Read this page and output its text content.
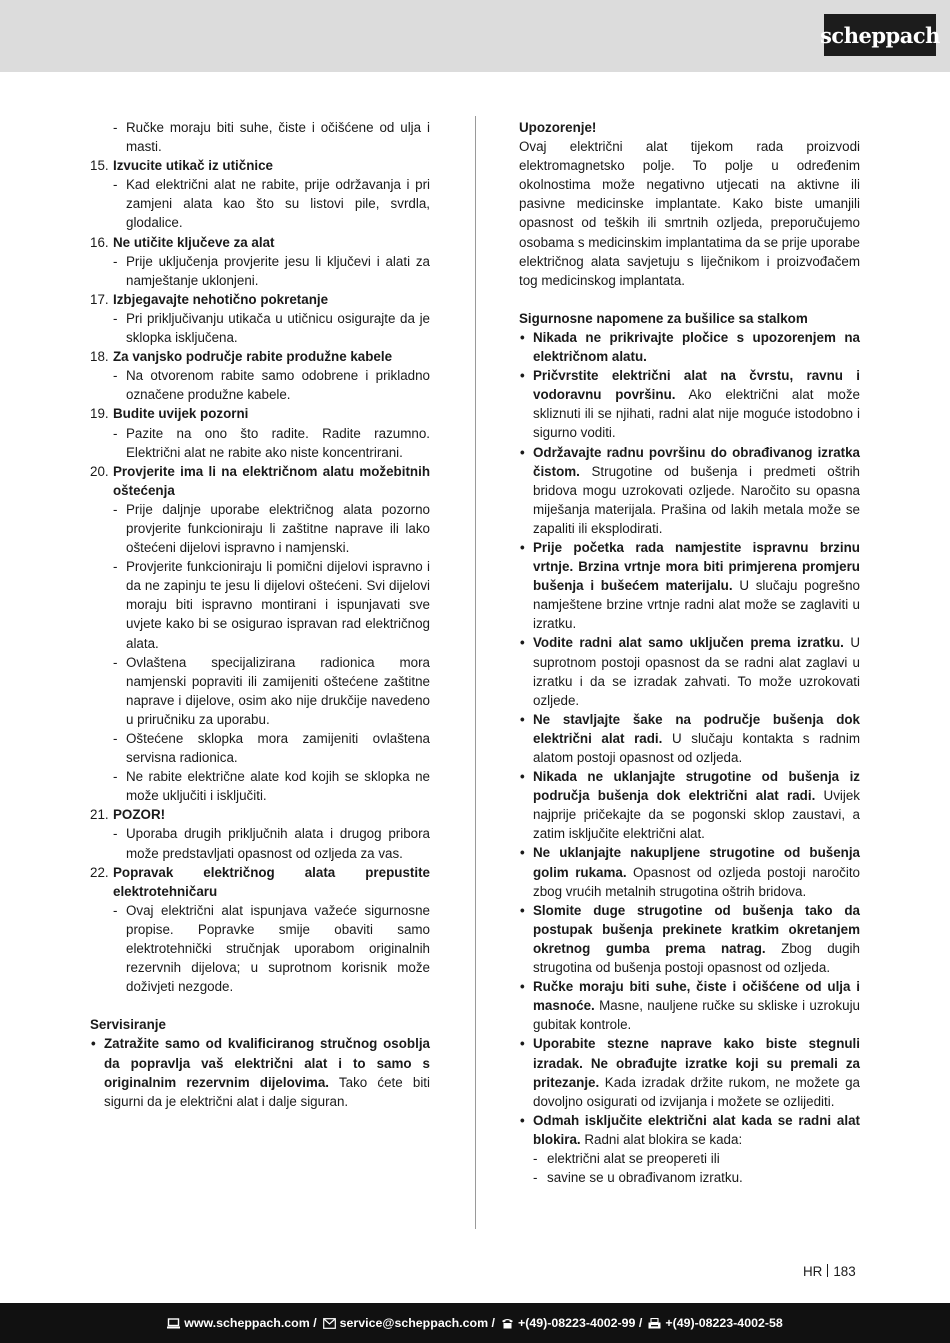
scheppach
- Ručke moraju biti suhe, čiste i očišćene od ulja i masti.
15. Izvucite utikač iz utičnice
- Kad električni alat ne rabite, prije održavanja i pri zamjeni alata kao što su listovi pile, svrdla, glodalice.
16. Ne utičite ključeve za alat
- Prije uključenja provjerite jesu li ključevi i alati za namještanje uklonjeni.
17. Izbjegavajte nehotično pokretanje
- Pri priključivanju utikača u utičnicu osigurajte da je sklopka isključena.
18. Za vanjsko područje rabite produžne kabele
- Na otvorenom rabite samo odobrene i prikladno označene produžne kabele.
19. Budite uvijek pozorni
- Pazite na ono što radite. Radite razumno. Električni alat ne rabite ako niste koncentrirani.
20. Provjerite ima li na električnom alatu možebitnih oštećenja
- Prije daljnje uporabe električnog alata pozorno provjerite funkcioniraju li zaštitne naprave ili lako oštećeni dijelovi ispravno i namjenski.
- Provjerite funkcioniraju li pomični dijelovi ispravno i da ne zapinju te jesu li dijelovi oštećeni. Svi dijelovi moraju biti ispravno montirani i ispunjavati sve uvjete kako bi se osigurao ispravan rad električnog alata.
- Ovlaštena specijalizirana radionica mora namjenski popraviti ili zamijeniti oštećene zaštitne naprave i dijelove, osim ako nije drukčije navedeno u priručniku za uporabu.
- Oštećene sklopka mora zamijeniti ovlaštena servisna radionica.
- Ne rabite električne alate kod kojih se sklopka ne može uključiti i isključiti.
21. POZOR!
- Uporaba drugih priključnih alata i drugog pribora može predstavljati opasnost od ozljeda za vas.
22. Popravak električnog alata prepustite elektrotehničaru
- Ovaj električni alat ispunjava važeće sigurnosne propise. Popravke smije obaviti samo elektrotehnički stručnjak uporabom originalnih rezervnih dijelova; u suprotnom korisnik može doživjeti nezgode.
Servisiranje
• Zatražite samo od kvalificiranog stručnog osoblja da popravlja vaš električni alat i to samo s originalnim rezervnim dijelovima. Tako ćete biti sigurni da je električni alat i dalje siguran.
Upozorenje!
Ovaj električni alat tijekom rada proizvodi elektromagnetsko polje. To polje u određenim okolnostima može negativno utjecati na aktivne ili pasivne medicinske implantate. Kako biste umanjili opasnost od teških ili smrtnih ozljeda, preporučujemo osobama s medicinskim implantatima da se prije uporabe električnog alata savjetuju s liječnikom i proizvođačem tog medicinskog implantata.
Sigurnosne napomene za bušilice sa stalkom
• Nikada ne prikrivajte pločice s upozorenjem na električnom alatu.
• Pričvrstite električni alat na čvrstu, ravnu i vodoravnu površinu. Ako električni alat može skliznuti ili se njihati, radni alat nije moguće istodobno i sigurno voditi.
• Održavajte radnu površinu do obrađivanog izratka čistom. Strugotine od bušenja i predmeti oštrih bridova mogu uzrokovati ozljede. Naročito su opasna miješanja materijala. Prašina od lakih metala može se zapaliti ili eksplodirati.
• Prije početka rada namjestite ispravnu brzinu vrtnje. Brzina vrtnje mora biti primjerena promjeru bušenja i bušećem materijalu. U slučaju pogrešno namještene brzine vrtnje radni alat može se zaglaviti u izratku.
• Vodite radni alat samo uključen prema izratku. U suprotnom postoji opasnost da se radni alat zaglavi u izratku i da se izradak zahvati. To može uzrokovati ozljede.
• Ne stavljajte šake na područje bušenja dok električni alat radi. U slučaju kontakta s radnim alatom postoji opasnost od ozljeda.
• Nikada ne uklanjajte strugotine od bušenja iz područja bušenja dok električni alat radi. Uvijek najprije pričekajte da se pogonski sklop zaustavi, a zatim isključite električni alat.
• Ne uklanjajte nakupljene strugotine od bušenja golim rukama. Opasnost od ozljeda postoji naročito zbog vrućih metalnih strugotina oštrih bridova.
• Slomite duge strugotine od bušenja tako da postupak bušenja prekinete kratkim okretanjem okretnog gumba prema natrag. Zbog dugih strugotina od bušenja postoji opasnost od ozljeda.
• Ručke moraju biti suhe, čiste i očišćene od ulja i masnoće. Masne, nauljene ručke su skliske i uzrokuju gubitak kontrole.
• Uporabite stezne naprave kako biste stegnuli izradak. Ne obrađujte izratke koji su premali za pritezanje. Kada izradak držite rukom, ne možete ga dovoljno osigurati od izvijanja i možete se ozlijediti.
• Odmah isključite električni alat kada se radni alat blokira. Radni alat blokira se kada:
- električni alat se preopereti ili
- savine se u obrađivanom izratku.
HR 183
www.scheppach.com / service@scheppach.com / +(49)-08223-4002-99 / +(49)-08223-4002-58
